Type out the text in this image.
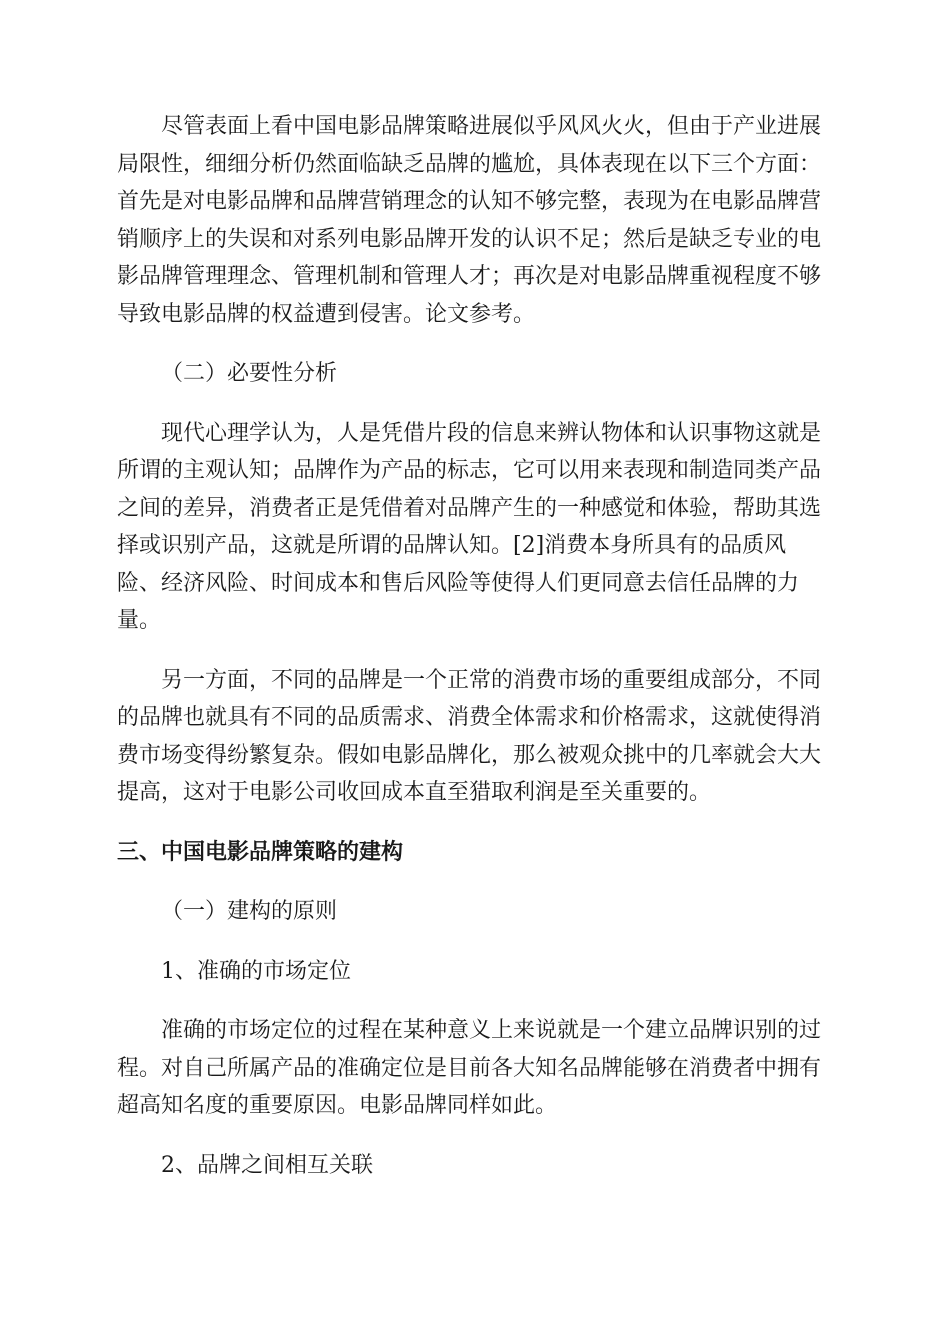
尽管表面上看中国电影品牌策略进展似乎风风火火，但由于产业进展
局限性，细细分析仍然面临缺乏品牌的尴尬，具体表现在以下三个方面：
首先是对电影品牌和品牌营销理念的认知不够完整，表现为在电影品牌营
销顺序上的失误和对系列电影品牌开发的认识不足；然后是缺乏专业的电
影品牌管理理念、管理机制和管理人才；再次是对电影品牌重视程度不够
导致电影品牌的权益遭到侵害。论文参考。

（二）必要性分析

现代心理学认为，人是凭借片段的信息来辨认物体和认识事物这就是
所谓的主观认知；品牌作为产品的标志，它可以用来表现和制造同类产品
之间的差异，消费者正是凭借着对品牌产生的一种感觉和体验，帮助其选
择或识别产品，这就是所谓的品牌认知。[2]消费本身所具有的品质风
险、经济风险、时间成本和售后风险等使得人们更同意去信任品牌的力
量。

另一方面，不同的品牌是一个正常的消费市场的重要组成部分，不同
的品牌也就具有不同的品质需求、消费全体需求和价格需求，这就使得消
费市场变得纷繁复杂。假如电影品牌化，那么被观众挑中的几率就会大大
提高，这对于电影公司收回成本直至猎取利润是至关重要的。

三、中国电影品牌策略的建构

（一）建构的原则

1、准确的市场定位

准确的市场定位的过程在某种意义上来说就是一个建立品牌识别的过
程。对自己所属产品的准确定位是目前各大知名品牌能够在消费者中拥有
超高知名度的重要原因。电影品牌同样如此。

2、品牌之间相互关联
